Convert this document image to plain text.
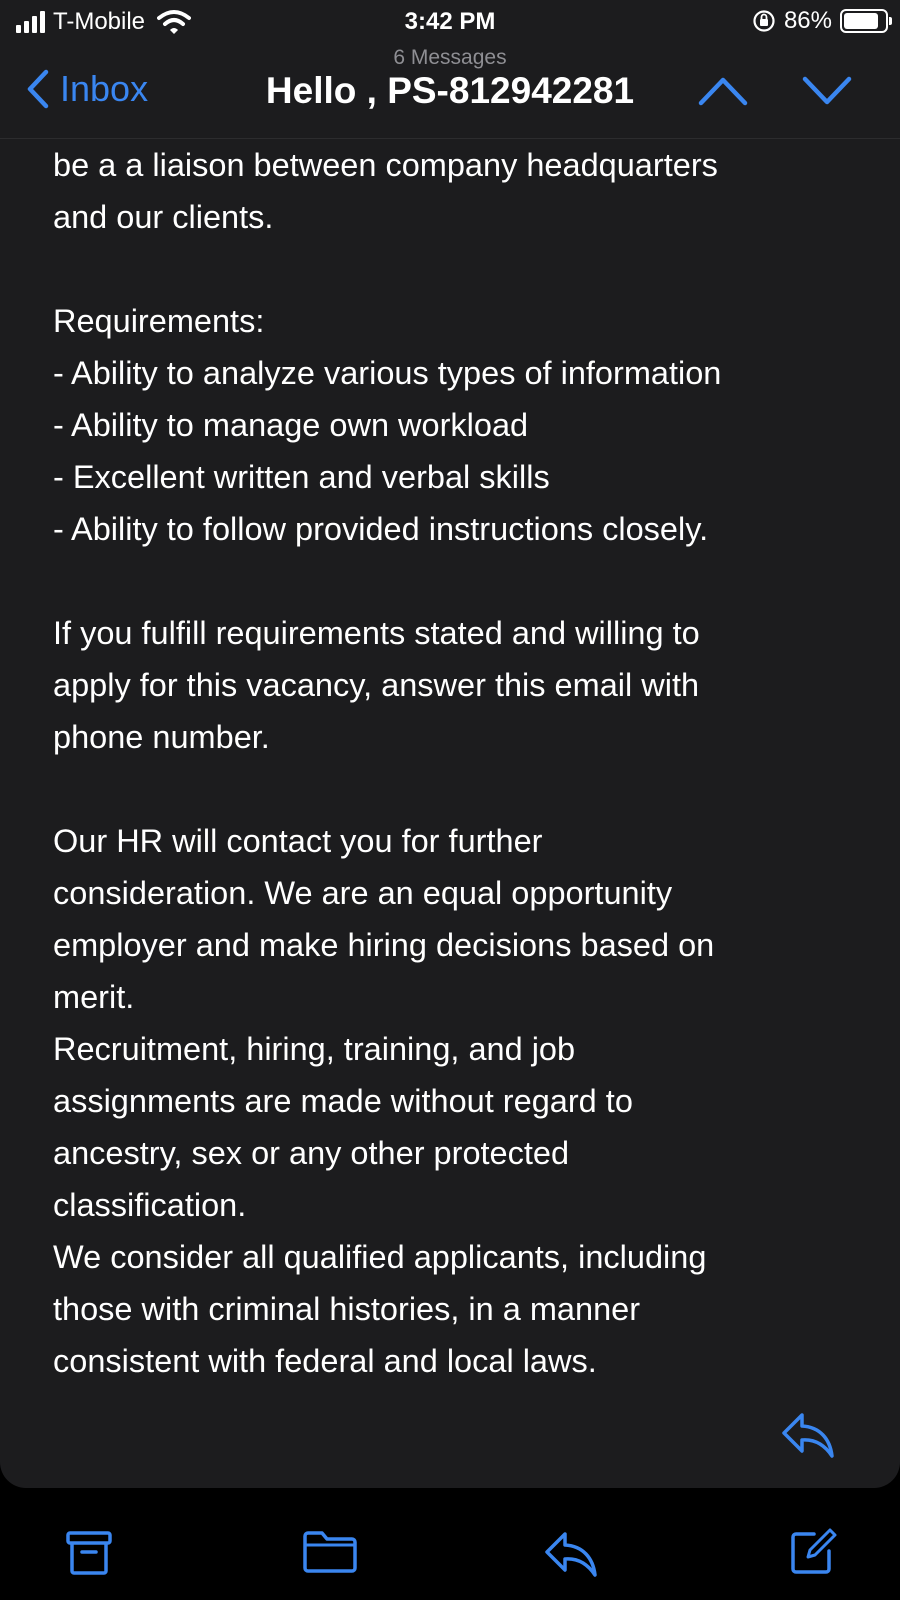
T-Mobile	3:42 PM	86%
Inbox
6 Messages
Hello , PS-812942281

be a a liaison between company headquarters

and our clients.

Requirements:

- Ability to analyze various types of information

- Ability to manage own workload

- Excellent written and verbal skills

- Ability to follow provided instructions closely.

If you fulfill requirements stated and willing to

apply for this vacancy, answer this email with

phone number.

Our HR will contact you for further

consideration. We are an equal opportunity

employer and make hiring decisions based on

merit.

Recruitment, hiring, training, and job

assignments are made without regard to

ancestry, sex or any other protected

classification.

We consider all qualified applicants, including

those with criminal histories, in a manner

consistent with federal and local laws.
